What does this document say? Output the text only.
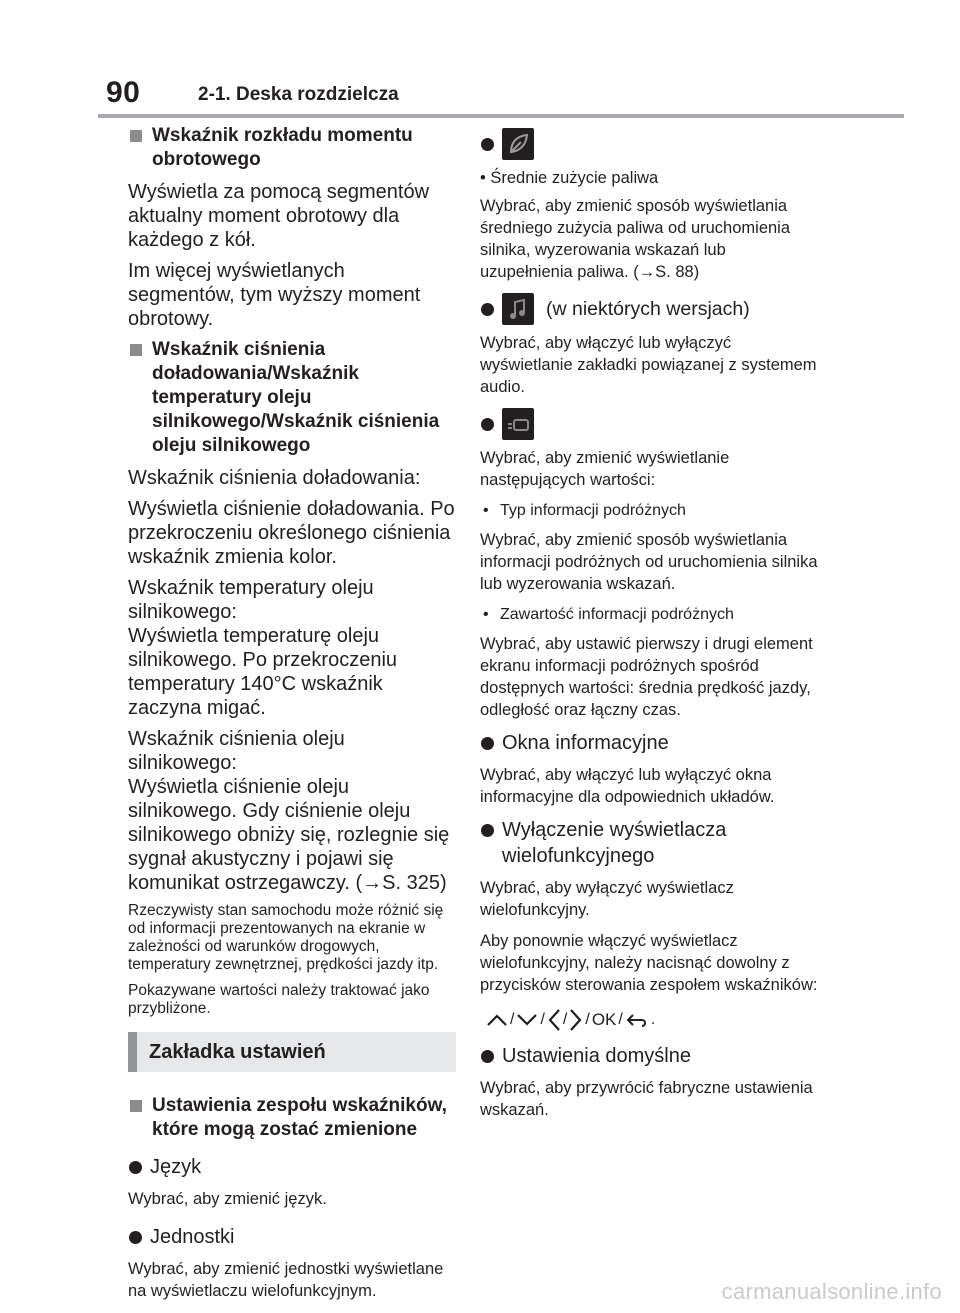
90	2-1. Deska rozdzielcza
Wskaźnik rozkładu momentu obrotowego

Wyświetla za pomocą segmentów aktualny moment obrotowy dla każdego z kół.

Im więcej wyświetlanych segmentów, tym wyższy moment obrotowy.

Wskaźnik ciśnienia doładowania/Wskaźnik temperatury oleju silnikowego/Wskaźnik ciśnienia oleju silnikowego

Wskaźnik ciśnienia doładowania:

Wyświetla ciśnienie doładowania. Po przekroczeniu określonego ciśnienia wskaźnik zmienia kolor.

Wskaźnik temperatury oleju silnikowego:

Wyświetla temperaturę oleju silnikowego. Po przekroczeniu temperatury 140°C wskaźnik zaczyna migać.

Wskaźnik ciśnienia oleju silnikowego:

Wyświetla ciśnienie oleju silnikowego. Gdy ciśnienie oleju silnikowego obniży się, rozlegnie się sygnał akustyczny i pojawi się komunikat ostrzegawczy. (→S. 325)

Rzeczywisty stan samochodu może różnić się od informacji prezentowanych na ekranie w zależności od warunków drogowych, temperatury zewnętrznej, prędkości jazdy itp.

Pokazywane wartości należy traktować jako przybliżone.

Zakładka ustawień
Ustawienia zespołu wskaźników, które mogą zostać zmienione
Język

Wybrać, aby zmienić język.

Jednostki

Wybrać, aby zmienić jednostki wyświetlane na wyświetlaczu wielofunkcyjnym.

• Średnie zużycie paliwa

Wybrać, aby zmienić sposób wyświetlania średniego zużycia paliwa od uruchomienia silnika, wyzerowania wskazań lub uzupełnienia paliwa. (→S. 88)

(w niektórych wersjach)

Wybrać, aby włączyć lub wyłączyć wyświetlanie zakładki powiązanej z systemem audio.

Wybrać, aby zmienić wyświetlanie następujących wartości:

• Typ informacji podróżnych

Wybrać, aby zmienić sposób wyświetlania informacji podróżnych od uruchomienia silnika lub wyzerowania wskazań.

• Zawartość informacji podróżnych

Wybrać, aby ustawić pierwszy i drugi element ekranu informacji podróżnych spośród dostępnych wartości: średnia prędkość jazdy, odległość oraz łączny czas.

Okna informacyjne

Wybrać, aby włączyć lub wyłączyć okna informacyjne dla odpowiednich układów.

Wyłączenie wyświetlacza wielofunkcyjnego

Wybrać, aby wyłączyć wyświetlacz wielofunkcyjny.

Aby ponownie włączyć wyświetlacz wielofunkcyjny, należy nacisnąć dowolny z przycisków sterowania zespołem wskaźników:

/
/
/
/ OK /
.
Ustawienia domyślne

Wybrać, aby przywrócić fabryczne ustawienia wskazań.

carmanualsonline.info
